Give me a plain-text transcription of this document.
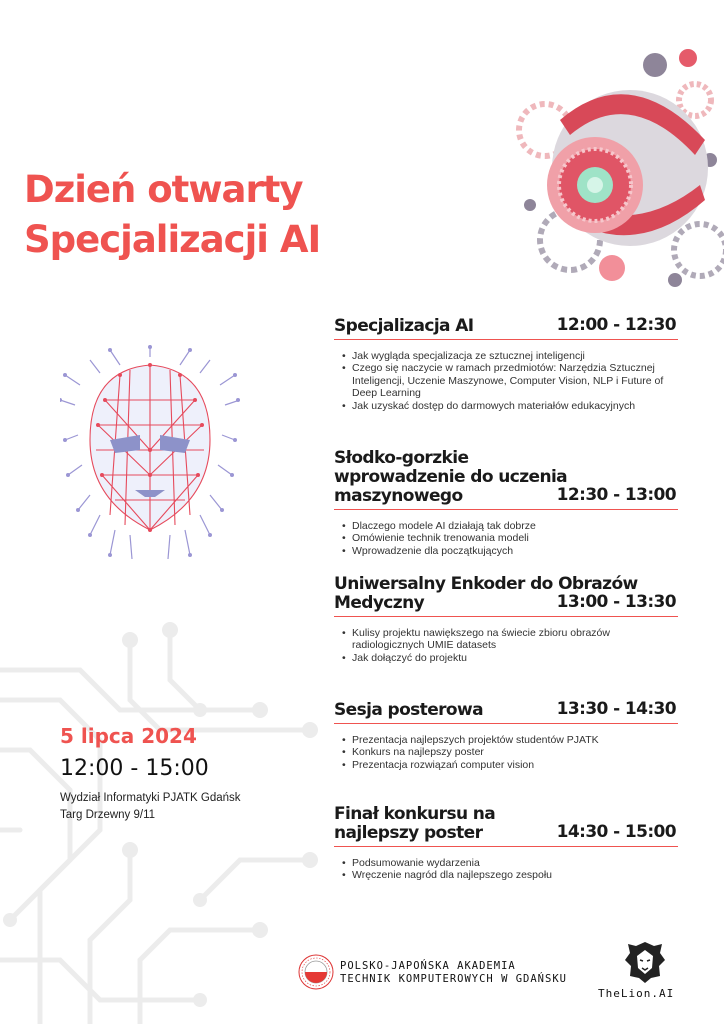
Dzień otwarty
Specjalizacji AI
Specjalizacja AI	12:00 - 12:30
• Jak wygląda specjalizacja ze sztucznej inteligencji
• Czego się naczycie w ramach przedmiotów: Narzędzia Sztucznej Inteligencji, Uczenie Maszynowe, Computer Vision, NLP i Future of Deep Learning
• Jak uzyskać dostęp do darmowych materiałów edukacyjnych
Słodko-gorzkie wprowadzenie do uczenia maszynowego	12:30 - 13:00
• Dlaczego modele AI działają tak dobrze
• Omówienie technik trenowania modeli
• Wprowadzenie dla początkujących
Uniwersalny Enkoder do Obrazów Medyczny	13:00 - 13:30
• Kulisy projektu nawiększego na świecie zbioru obrazów radiologicznych UMIE datasets
• Jak dołączyć do projektu
Sesja posterowa	13:30 - 14:30
• Prezentacja najlepszych projektów studentów PJATK
• Konkurs na najlepszy poster
• Prezentacja rozwiązań computer vision
Finał konkursu na najlepszy poster	14:30 - 15:00
• Podsumowanie wydarzenia
• Wręczenie nagród dla najlepszego zespołu
5 lipca 2024
12:00 - 15:00
Wydział Informatyki PJATK Gdańsk
Targ Drzewny 9/11
POLSKO-JAPOŃSKA AKADEMIA
TECHNIK KOMPUTEROWYCH W GDAŃSKU
TheLion.AI
